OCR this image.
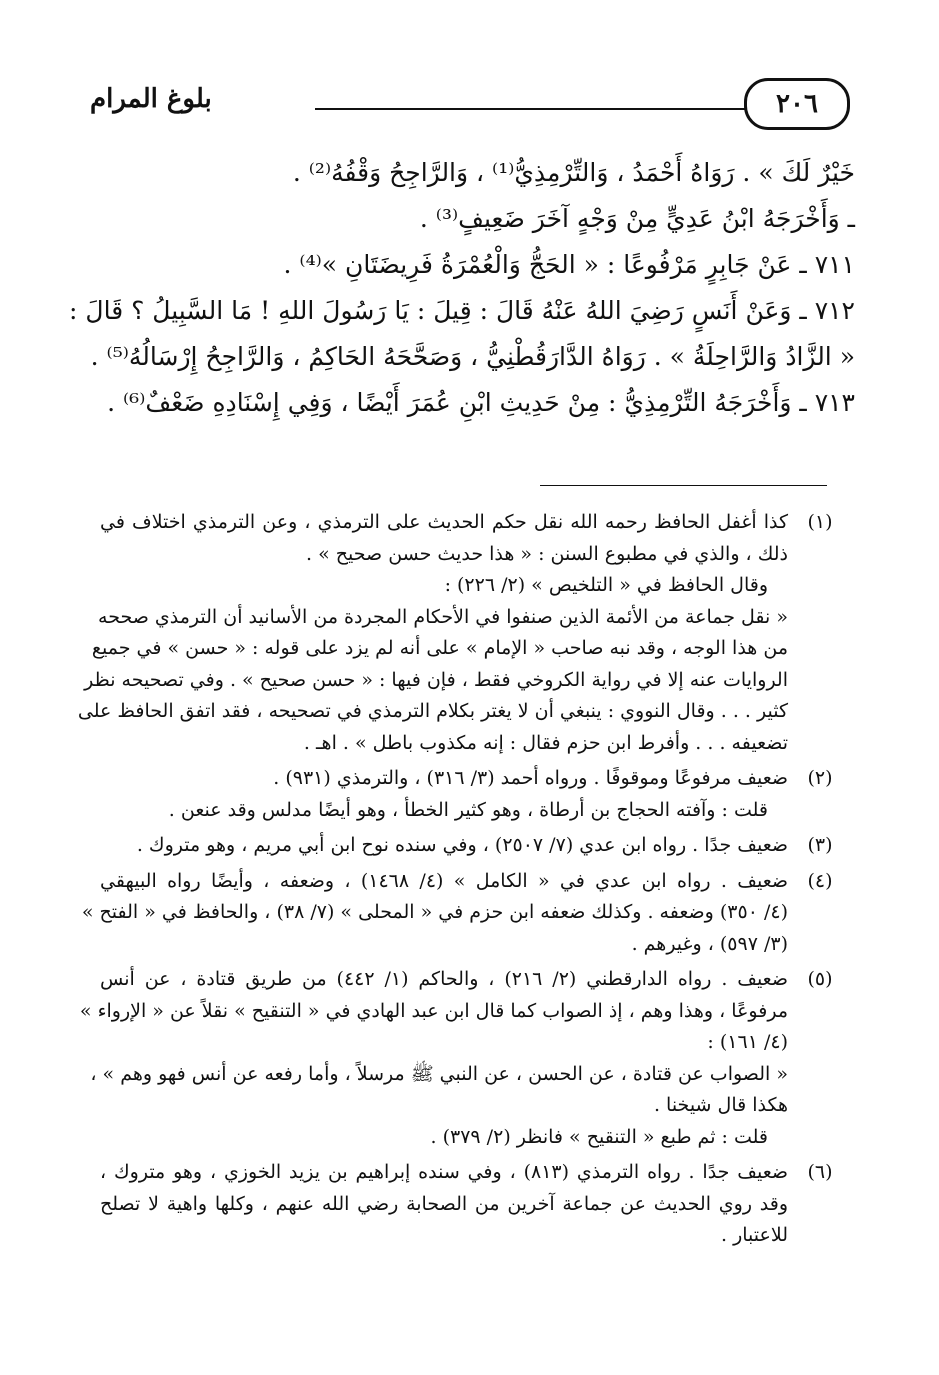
بلوغ المرام	٢٠٦
خَيْرٌ لَكَ » . رَوَاهُ أَحْمَدُ ، وَالتِّرْمِذِيُّ⁽¹⁾ ، وَالرَّاجِحُ وَقْفُهُ⁽²⁾ .
ـ وَأَخْرَجَهُ ابْنُ عَدِيٍّ مِنْ وَجْهٍ آخَرَ ضَعِيفٍ⁽³⁾ .
٧١١ ـ عَنْ جَابِرٍ مَرْفُوعًا : « الحَجُّ وَالْعُمْرَةُ فَرِيضَتَانِ »⁽⁴⁾ .
٧١٢ ـ وَعَنْ أَنَسٍ رَضِيَ اللهُ عَنْهُ قَالَ : قِيلَ : يَا رَسُولَ اللهِ ! مَا السَّبِيلُ ؟ قَالَ :
« الزَّادُ وَالرَّاحِلَةُ » . رَوَاهُ الدَّارَقُطْنِيُّ ، وَصَحَّحَهُ الحَاكِمُ ، وَالرَّاجِحُ إِرْسَالُهُ⁽⁵⁾ .
٧١٣ ـ وَأَخْرَجَهُ التِّرْمِذِيُّ : مِنْ حَدِيثِ ابْنِ عُمَرَ أَيْضًا ، وَفِي إِسْنَادِهِ ضَعْفٌ⁽⁶⁾ .
(١)
كذا أغفل الحافظ رحمه الله نقل حكم الحديث على الترمذي ، وعن الترمذي اختلاف في
ذلك ، والذي في مطبوع السنن : « هذا حديث حسن صحيح » .
وقال الحافظ في « التلخيص » (٢/ ٢٢٦) :
« نقل جماعة من الأئمة الذين صنفوا في الأحكام المجردة من الأسانيد أن الترمذي صححه
من هذا الوجه ، وقد نبه صاحب « الإمام » على أنه لم يزد على قوله : « حسن » في جميع
الروايات عنه إلا في رواية الكروخي فقط ، فإن فيها : « حسن صحيح » . وفي تصحيحه نظر
كثير . . . وقال النووي : ينبغي أن لا يغتر بكلام الترمذي في تصحيحه ، فقد اتفق الحافظ على
تضعيفه . . . وأفرط ابن حزم فقال : إنه مكذوب باطل » . اهـ .
(٢)
ضعيف مرفوعًا وموقوفًا . ورواه أحمد (٣/ ٣١٦) ، والترمذي (٩٣١) .
قلت : وآفته الحجاج بن أرطاة ، وهو كثير الخطأ ، وهو أيضًا مدلس وقد عنعن .
(٣)
ضعيف جدًا . رواه ابن عدي (٧/ ٢٥٠٧) ، وفي سنده نوح ابن أبي مريم ، وهو متروك .
(٤)
ضعيف . رواه ابن عدي في « الكامل » (٤/ ١٤٦٨) ، وضعفه ، وأيضًا رواه البيهقي
(٤/ ٣٥٠) وضعفه . وكذلك ضعفه ابن حزم في « المحلى » (٧/ ٣٨) ، والحافظ في « الفتح »
(٣/ ٥٩٧) ، وغيرهم .
(٥)
ضعيف . رواه الدارقطني (٢/ ٢١٦) ، والحاكم (١/ ٤٤٢) من طريق قتادة ، عن أنس
مرفوعًا ، وهذا وهم ، إذ الصواب كما قال ابن عبد الهادي في « التنقيح » نقلاً عن « الإرواء »
(٤/ ١٦١) :
« الصواب عن قتادة ، عن الحسن ، عن النبي ﷺ مرسلاً ، وأما رفعه عن أنس فهو وهم » ،
هكذا قال شيخنا .
قلت : ثم طبع « التنقيح » فانظر (٢/ ٣٧٩) .
(٦)
ضعيف جدًا . رواه الترمذي (٨١٣) ، وفي سنده إبراهيم بن يزيد الخوزي ، وهو متروك ،
وقد روي الحديث عن جماعة آخرين من الصحابة رضي الله عنهم ، وكلها واهية لا تصلح
للاعتبار .
